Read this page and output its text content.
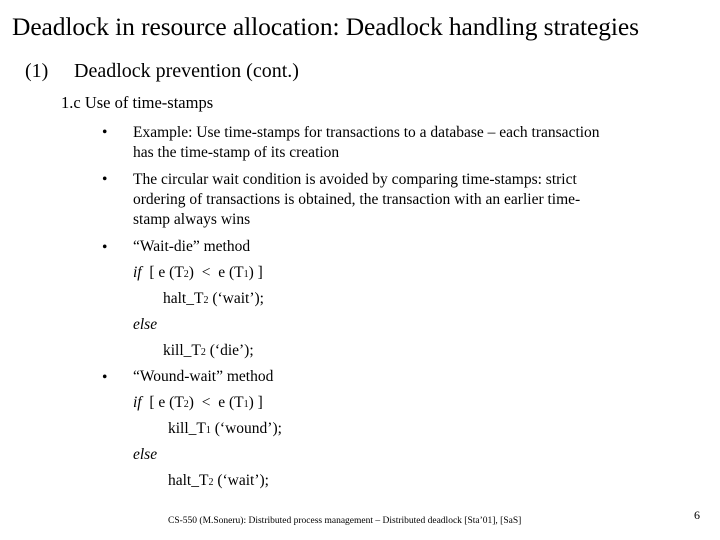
Deadlock in resource allocation: Deadlock handling strategies
(1) Deadlock prevention (cont.)
1.c Use of time-stamps
• Example: Use time-stamps for transactions to a database – each transaction
has the time-stamp of its creation
• The circular wait condition is avoided by comparing time-stamps: strict
ordering of transactions is obtained, the transaction with an earlier time-
stamp always wins
• “Wait-die” method
if [ e (T2)  <  e (T1) ]
halt_T2 (‘wait’);
else
kill_T2 (‘die’);
• “Wound-wait” method
if [ e (T2)  <  e (T1) ]
kill_T1 (‘wound’);
else
halt_T2 (‘wait’);
CS-550 (M.Soneru): Distributed process management – Distributed deadlock [Sta’01], [SaS]	6
